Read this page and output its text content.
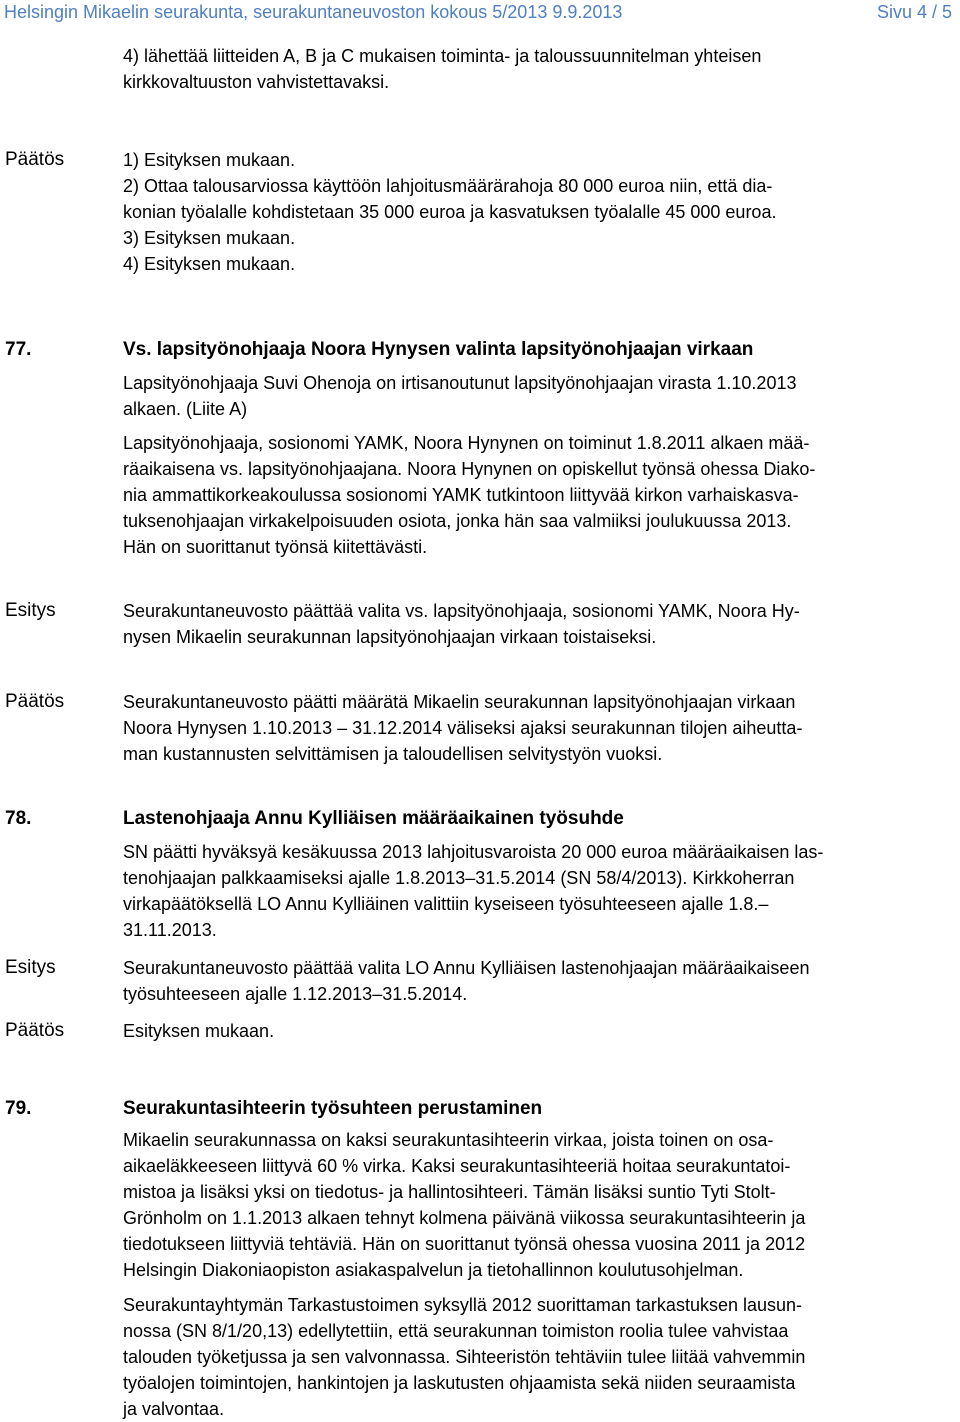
Helsingin Mikaelin seurakunta, seurakuntaneuvoston kokous 5/2013 9.9.2013	Sivu 4 / 5

4) lähettää liitteiden A, B ja C mukaisen toiminta- ja taloussuunnitelman yhteisen

kirkkovaltuuston vahvistettavaksi.

Päätös	1) Esityksen mukaan.

2) Ottaa talousarviossa käyttöön lahjoitusmäärärahoja 80 000 euroa niin, että dia-

konian työalalle kohdistetaan 35 000 euroa ja kasvatuksen työalalle 45 000 euroa.

3) Esityksen mukaan.

4) Esityksen mukaan.

77.	Vs. lapsityönohjaaja Noora Hynysen valinta lapsityönohjaajan virkaan

Lapsityönohjaaja Suvi Ohenoja on irtisanoutunut lapsityönohjaajan virasta 1.10.2013

alkaen. (Liite A)

Lapsityönohjaaja, sosionomi YAMK, Noora Hynynen on toiminut 1.8.2011 alkaen mää-

räaikaisena vs. lapsityönohjaajana. Noora Hynynen on opiskellut työnsä ohessa Diako-

nia ammattikorkeakoulussa sosionomi YAMK tutkintoon liittyvää kirkon varhaiskasva-

tuksenohjaajan virkakelpoisuuden osiota, jonka hän saa valmiiksi joulukuussa 2013.

Hän on suorittanut työnsä kiitettävästi.

Esitys	Seurakuntaneuvosto päättää valita vs. lapsityönohjaaja, sosionomi YAMK, Noora Hy-

nysen Mikaelin seurakunnan lapsityönohjaajan virkaan toistaiseksi.

Päätös	Seurakuntaneuvosto päätti määrätä Mikaelin seurakunnan lapsityönohjaajan virkaan

Noora Hynysen 1.10.2013 – 31.12.2014 väliseksi ajaksi seurakunnan tilojen aiheutta-

man kustannusten selvittämisen ja taloudellisen selvitystyön vuoksi.

78.	Lastenohjaaja Annu Kylliäisen määräaikainen työsuhde

SN päätti hyväksyä kesäkuussa 2013 lahjoitusvaroista 20 000 euroa määräaikaisen las-

tenohjaajan palkkaamiseksi ajalle 1.8.2013–31.5.2014 (SN 58/4/2013). Kirkkoherran

virkapäätöksellä LO Annu Kylliäinen valittiin kyseiseen työsuhteeseen ajalle 1.8.–

31.11.2013.

Esitys	Seurakuntaneuvosto päättää valita LO Annu Kylliäisen lastenohjaajan määräaikaiseen

työsuhteeseen ajalle 1.12.2013–31.5.2014.

Päätös	Esityksen mukaan.
79.	Seurakuntasihteerin työsuhteen perustaminen

Mikaelin seurakunnassa on kaksi seurakuntasihteerin virkaa, joista toinen on osa-

aikaeläkkeeseen liittyvä 60 % virka. Kaksi seurakuntasihteeriä hoitaa seurakuntatoi-

mistoa ja lisäksi yksi on tiedotus- ja hallintosihteeri. Tämän lisäksi suntio Tyti Stolt-

Grönholm on 1.1.2013 alkaen tehnyt kolmena päivänä viikossa seurakuntasihteerin ja

tiedotukseen liittyviä tehtäviä. Hän on suorittanut työnsä ohessa vuosina 2011 ja 2012

Helsingin Diakoniaopiston asiakaspalvelun ja tietohallinnon koulutusohjelman.

Seurakuntayhtymän Tarkastustoimen syksyllä 2012 suorittaman tarkastuksen lausun-

nossa (SN 8/1/20,13) edellytettiin, että seurakunnan toimiston roolia tulee vahvistaa

talouden työketjussa ja sen valvonnassa. Sihteeristön tehtäviin tulee liitää vahvemmin

työalojen toimintojen, hankintojen ja laskutusten ohjaamista sekä niiden seuraamista

ja valvontaa.
